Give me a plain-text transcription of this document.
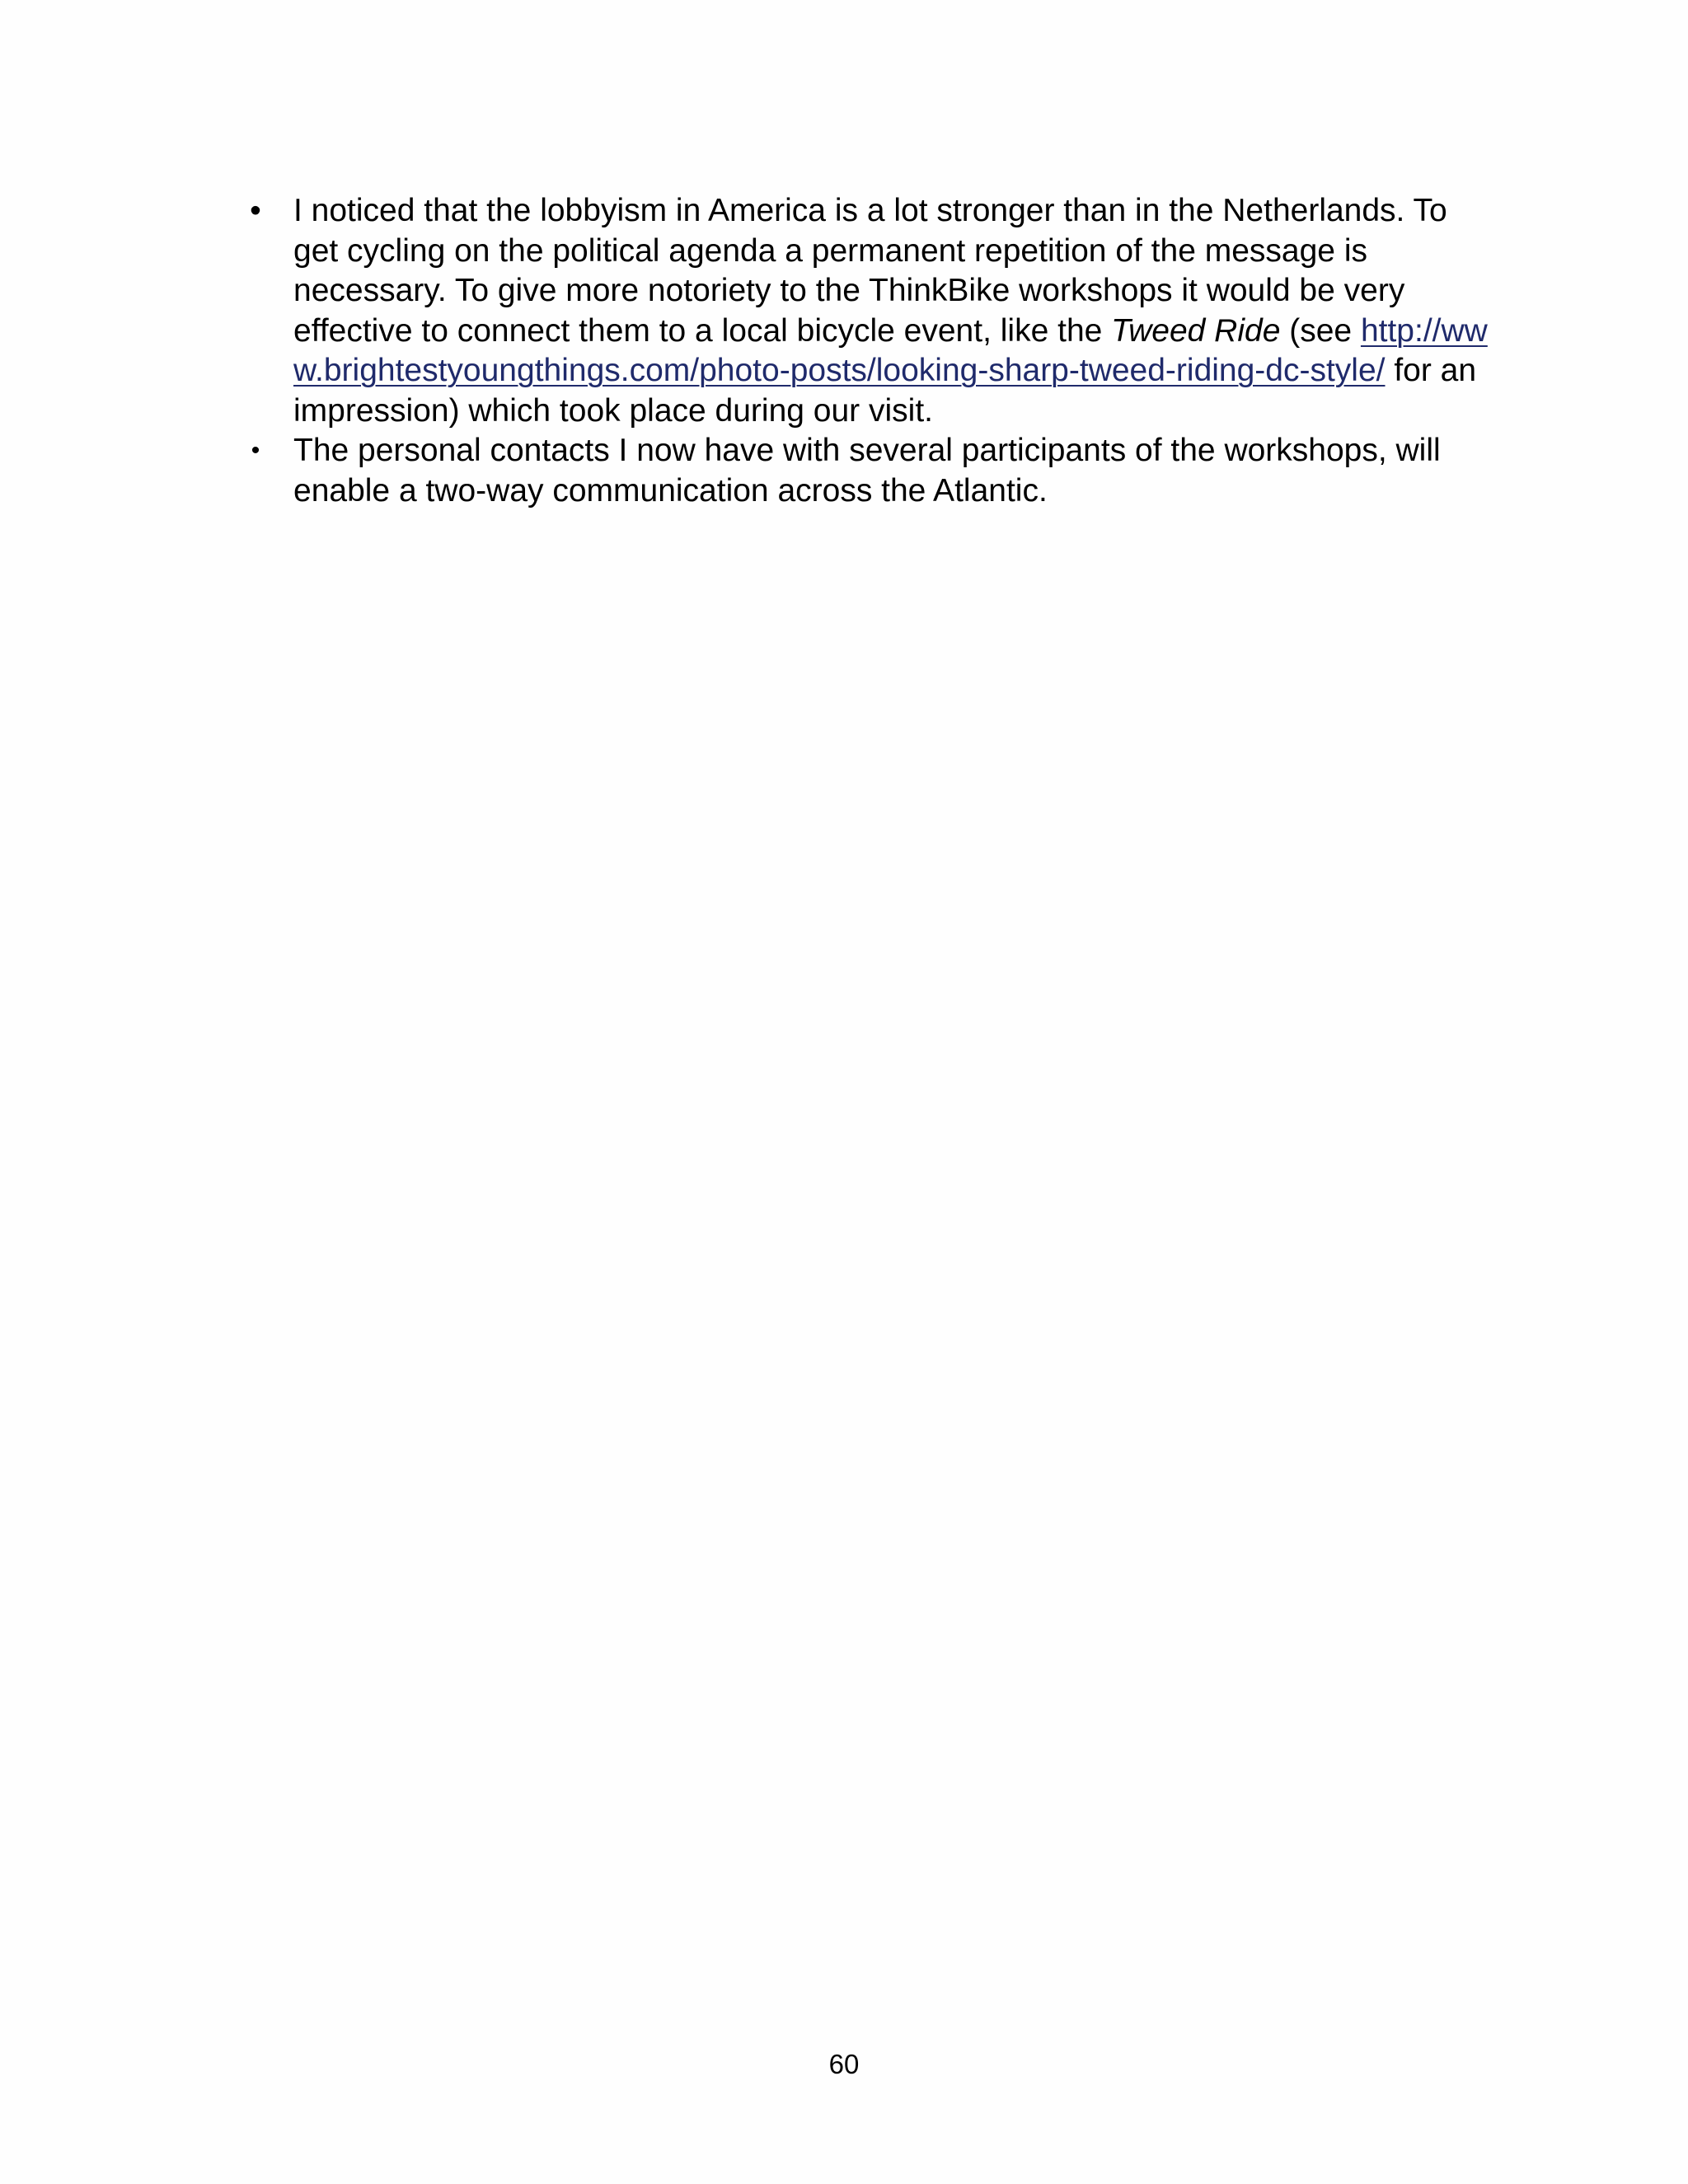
• I noticed that the lobbyism in America is a lot stronger than in the Netherlands. To get cycling on the political agenda a permanent repetition of the message is necessary. To give more notoriety to the ThinkBike workshops it would be very effective to connect them to a local bicycle event, like the Tweed Ride (see http://www.brightestyoungthings.com/photo-posts/looking-sharp-tweed-riding-dc-style/ for an impression) which took place during our visit.
• The personal contacts I now have with several participants of the workshops, will enable a two-way communication across the Atlantic.
60
